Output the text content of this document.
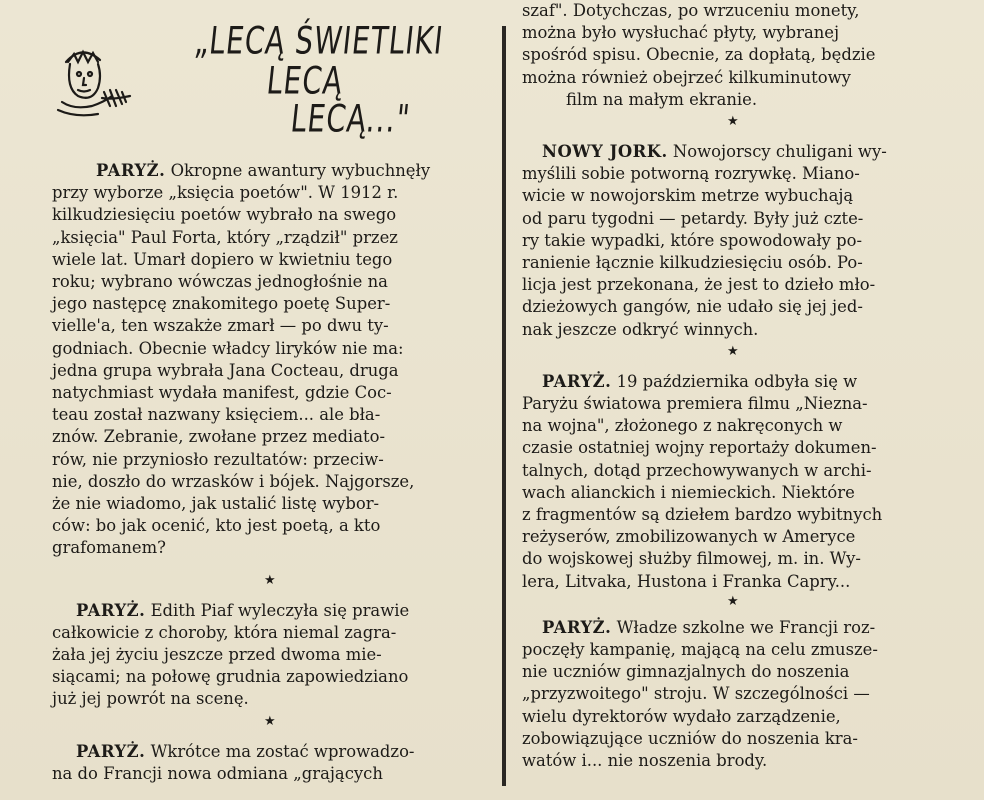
„LECĄ ŚWIETLIKI
LECĄ
LECĄ..."

PARYŻ. Okropne awantury wybuchnęły

przy wyborze „księcia poetów". W 1912 r.

kilkudziesięciu poetów wybrało na swego

„księcia" Paul Forta, który „rządził" przez

wiele lat. Umarł dopiero w kwietniu tego

roku; wybrano wówczas jednogłośnie na

jego następcę znakomitego poetę Super-

vielle'a, ten wszakże zmarł — po dwu ty-

godniach. Obecnie władcy liryków nie ma:

jedna grupa wybrała Jana Cocteau, druga

natychmiast wydała manifest, gdzie Coc-

teau został nazwany księciem... ale bła-

znów. Zebranie, zwołane przez mediato-

rów, nie przyniosło rezultatów: przeciw-

nie, doszło do wrzasków i bójek. Najgorsze,

że nie wiadomo, jak ustalić listę wybor-

ców: bo jak ocenić, kto jest poetą, a kto

grafomanem?

★

PARYŻ. Edith Piaf wyleczyła się prawie

całkowicie z choroby, która niemal zagra-

żała jej życiu jeszcze przed dwoma mie-

siącami; na połowę grudnia zapowiedziano

już jej powrót na scenę.

★

PARYŻ. Wkrótce ma zostać wprowadzo-

na do Francji nowa odmiana „grających

szaf". Dotychczas, po wrzuceniu monety,

można było wysłuchać płyty, wybranej

spośród spisu. Obecnie, za dopłatą, będzie

można również obejrzeć kilkuminutowy

film na małym ekranie.

★

NOWY JORK. Nowojorscy chuligani wy-

myślili sobie potworną rozrywkę. Miano-

wicie w nowojorskim metrze wybuchają

od paru tygodni — petardy. Były już czte-

ry takie wypadki, które spowodowały po-

ranienie łącznie kilkudziesięciu osób. Po-

licja jest przekonana, że jest to dzieło mło-

dzieżowych gangów, nie udało się jej jed-

nak jeszcze odkryć winnych.

★

PARYŻ. 19 października odbyła się w

Paryżu światowa premiera filmu „Niezna-

na wojna", złożonego z nakręconych w

czasie ostatniej wojny reportaży dokumen-

talnych, dotąd przechowywanych w archi-

wach alianckich i niemieckich. Niektóre

z fragmentów są dziełem bardzo wybitnych

reżyserów, zmobilizowanych w Ameryce

do wojskowej służby filmowej, m. in. Wy-

lera, Litvaka, Hustona i Franka Capry...

★

PARYŻ. Władze szkolne we Francji roz-

poczęły kampanię, mającą na celu zmusze-

nie uczniów gimnazjalnych do noszenia

„przyzwoitego" stroju. W szczególności —

wielu dyrektorów wydało zarządzenie,

zobowiązujące uczniów do noszenia kra-

watów i... nie noszenia brody.
